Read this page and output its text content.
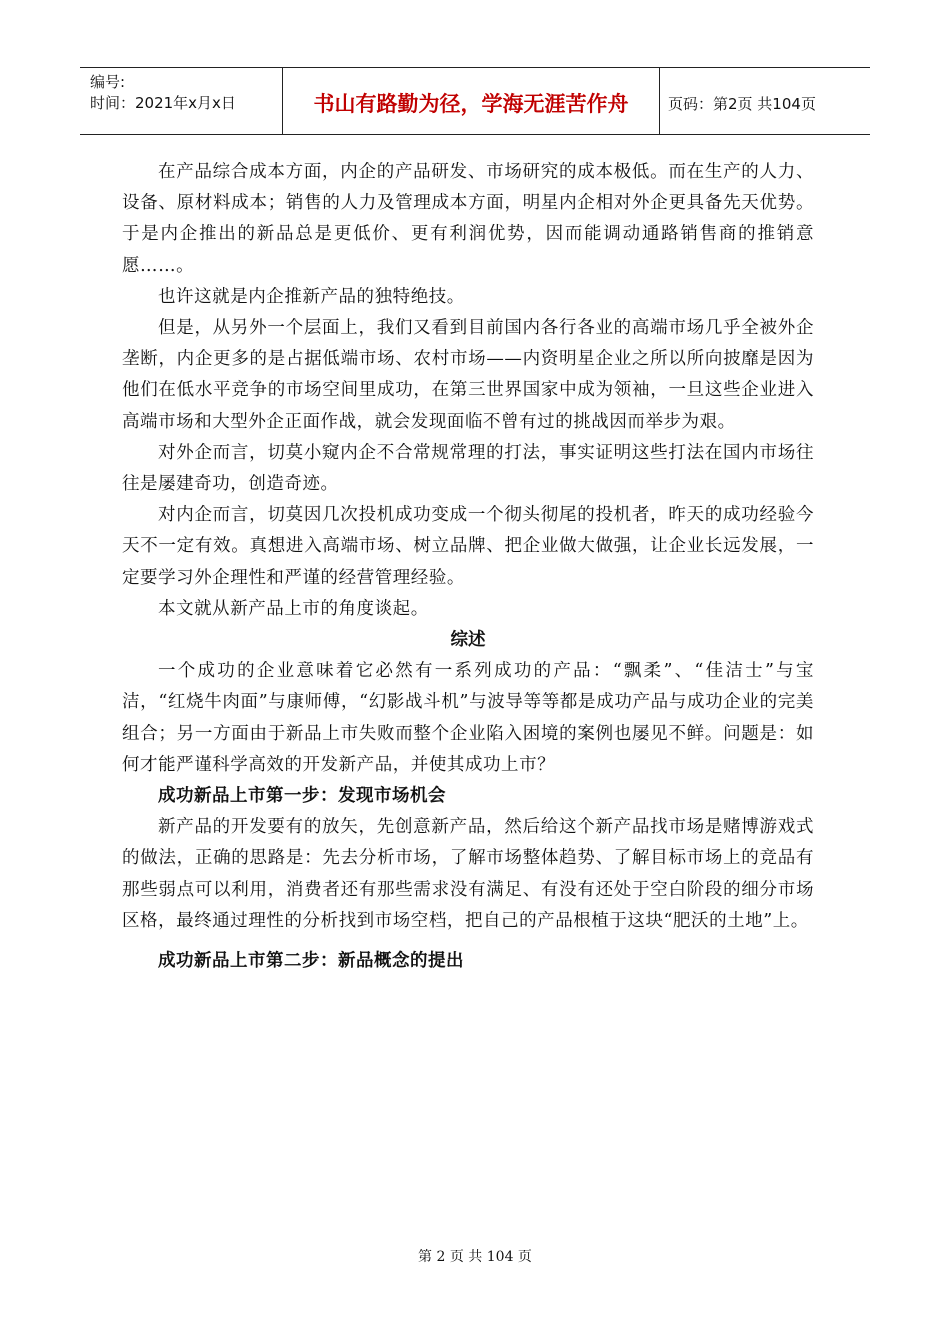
编号:
时间：2021年x月x日	书山有路勤为径，学海无涯苦作舟	页码：第2页 共104页

在产品综合成本方面，内企的产品研发、市场研究的成本极低。而在生产的人力、设备、原材料成本；销售的人力及管理成本方面，明星内企相对外企更具备先天优势。于是内企推出的新品总是更低价、更有利润优势，因而能调动通路销售商的推销意愿……。

也许这就是内企推新产品的独特绝技。

但是，从另外一个层面上，我们又看到目前国内各行各业的高端市场几乎全被外企垄断，内企更多的是占据低端市场、农村市场——内资明星企业之所以所向披靡是因为他们在低水平竞争的市场空间里成功，在第三世界国家中成为领袖，一旦这些企业进入高端市场和大型外企正面作战，就会发现面临不曾有过的挑战因而举步为艰。

对外企而言，切莫小窥内企不合常规常理的打法，事实证明这些打法在国内市场往往是屡建奇功，创造奇迹。

对内企而言，切莫因几次投机成功变成一个彻头彻尾的投机者，昨天的成功经验今天不一定有效。真想进入高端市场、树立品牌、把企业做大做强，让企业长远发展，一定要学习外企理性和严谨的经营管理经验。

本文就从新产品上市的角度谈起。

综述

一个成功的企业意味着它必然有一系列成功的产品：“飘柔”、“佳洁士”与宝洁，“红烧牛肉面”与康师傅，“幻影战斗机”与波导等等都是成功产品与成功企业的完美组合；另一方面由于新品上市失败而整个企业陷入困境的案例也屡见不鲜。问题是：如何才能严谨科学高效的开发新产品，并使其成功上市？

成功新品上市第一步：发现市场机会

新产品的开发要有的放矢，先创意新产品，然后给这个新产品找市场是赌博游戏式的做法，正确的思路是：先去分析市场，了解市场整体趋势、了解目标市场上的竞品有那些弱点可以利用，消费者还有那些需求没有满足、有没有还处于空白阶段的细分市场区格，最终通过理性的分析找到市场空档，把自己的产品根植于这块“肥沃的土地”上。

成功新品上市第二步：新品概念的提出

第 2 页 共 104 页
